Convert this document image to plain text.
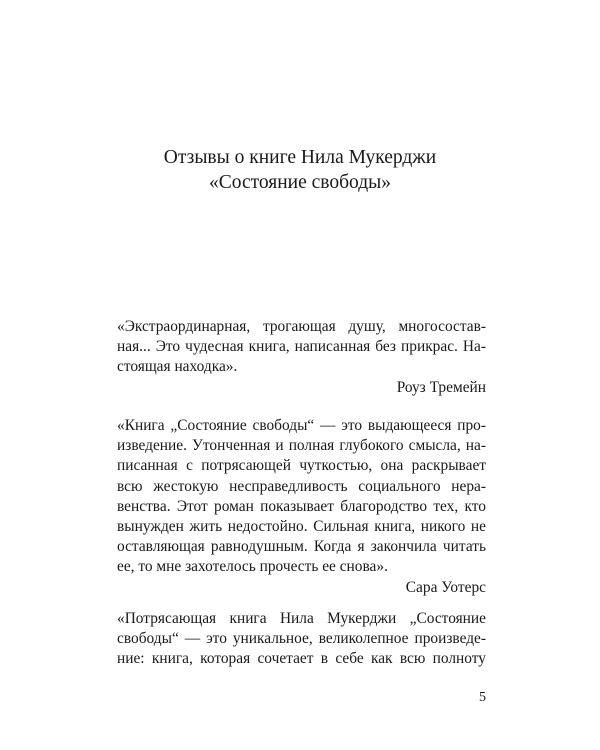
Отзывы о книге Нила Мукерджи
«Состояние свободы»
«Экстраординарная, трогающая душу, многосостав-
ная... Это чудесная книга, написанная без прикрас. На-
стоящая находка».
Роуз Тремейн
«Книга „Состояние свободы“ — это выдающееся про-
изведение. Утонченная и полная глубокого смысла, на-
писанная с потрясающей чуткостью, она раскрывает
всю жестокую несправедливость социального нера-
венства. Этот роман показывает благородство тех, кто
вынужден жить недостойно. Сильная книга, никого не
оставляющая равнодушным. Когда я закончила читать
ее, то мне захотелось прочесть ее снова».
Сара Уотерс
«Потрясающая книга Нила Мукерджи „Состояние
свободы“ — это уникальное, великолепное произведе-
ние: книга, которая сочетает в себе как всю полноту
5
